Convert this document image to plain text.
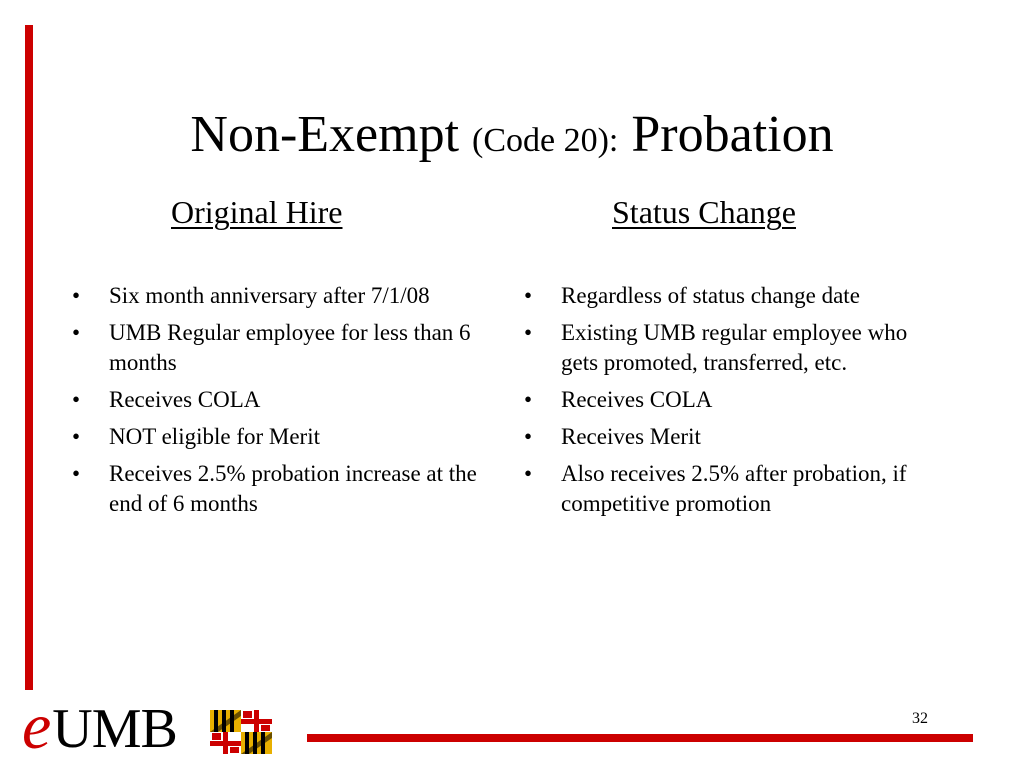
Non-Exempt (Code 20): Probation
Original Hire	Status Change
• Six month anniversary after 7/1/08
• UMB Regular employee for less than 6 months
• Receives COLA
• NOT eligible for Merit
• Receives 2.5% probation increase at the end of 6 months
• Regardless of status change date
• Existing UMB regular employee who gets promoted, transferred, etc.
• Receives COLA
• Receives Merit
• Also receives 2.5% after probation, if competitive promotion
e UMB	32
